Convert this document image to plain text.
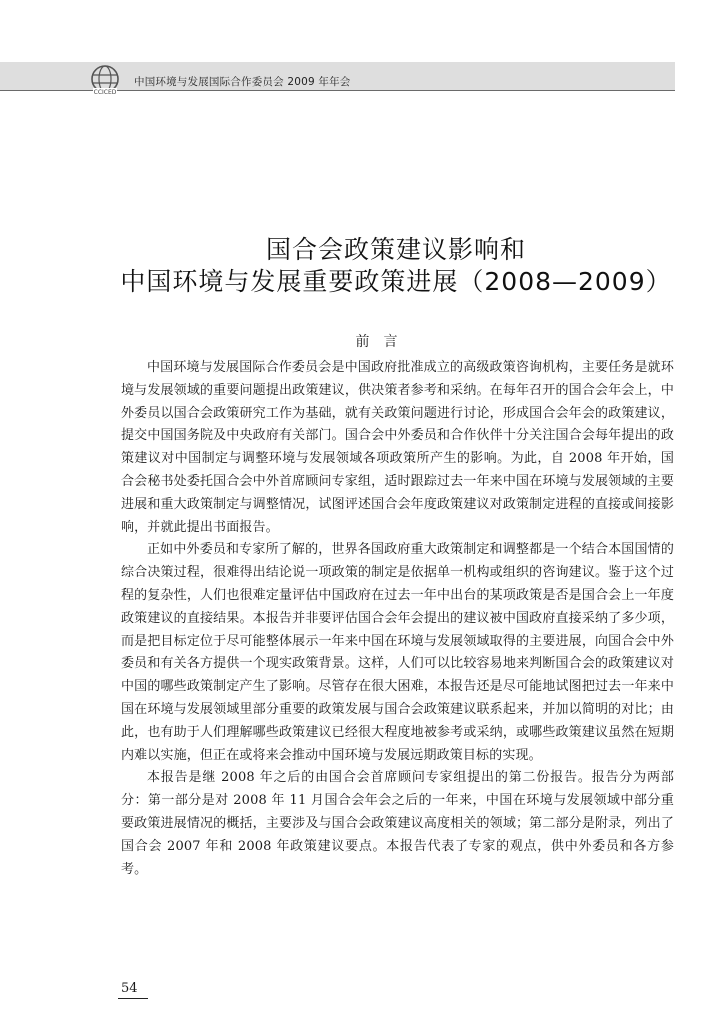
CCICED
中国环境与发展国际合作委员会 2009 年年会
国合会政策建议影响和
中国环境与发展重要政策进展（2008—2009）
前言

中国环境与发展国际合作委员会是中国政府批准成立的高级政策咨询机构，主要任务是就环境与发展领域的重要问题提出政策建议，供决策者参考和采纳。在每年召开的国合会年会上，中外委员以国合会政策研究工作为基础，就有关政策问题进行讨论，形成国合会年会的政策建议，提交中国国务院及中央政府有关部门。国合会中外委员和合作伙伴十分关注国合会每年提出的政策建议对中国制定与调整环境与发展领域各项政策所产生的影响。为此，自 2008 年开始，国合会秘书处委托国合会中外首席顾问专家组，适时跟踪过去一年来中国在环境与发展领域的主要进展和重大政策制定与调整情况，试图评述国合会年度政策建议对政策制定进程的直接或间接影响，并就此提出书面报告。

正如中外委员和专家所了解的，世界各国政府重大政策制定和调整都是一个结合本国国情的综合决策过程，很难得出结论说一项政策的制定是依据单一机构或组织的咨询建议。鉴于这个过程的复杂性，人们也很难定量评估中国政府在过去一年中出台的某项政策是否是国合会上一年度政策建议的直接结果。本报告并非要评估国合会年会提出的建议被中国政府直接采纳了多少项，而是把目标定位于尽可能整体展示一年来中国在环境与发展领域取得的主要进展，向国合会中外委员和有关各方提供一个现实政策背景。这样，人们可以比较容易地来判断国合会的政策建议对中国的哪些政策制定产生了影响。尽管存在很大困难，本报告还是尽可能地试图把过去一年来中国在环境与发展领域里部分重要的政策发展与国合会政策建议联系起来，并加以简明的对比；由此，也有助于人们理解哪些政策建议已经很大程度地被参考或采纳，或哪些政策建议虽然在短期内难以实施，但正在或将来会推动中国环境与发展远期政策目标的实现。

本报告是继 2008 年之后的由国合会首席顾问专家组提出的第二份报告。报告分为两部分：第一部分是对 2008 年 11 月国合会年会之后的一年来，中国在环境与发展领域中部分重要政策进展情况的概括，主要涉及与国合会政策建议高度相关的领域；第二部分是附录，列出了国合会 2007 年和 2008 年政策建议要点。本报告代表了专家的观点，供中外委员和各方参考。

54
